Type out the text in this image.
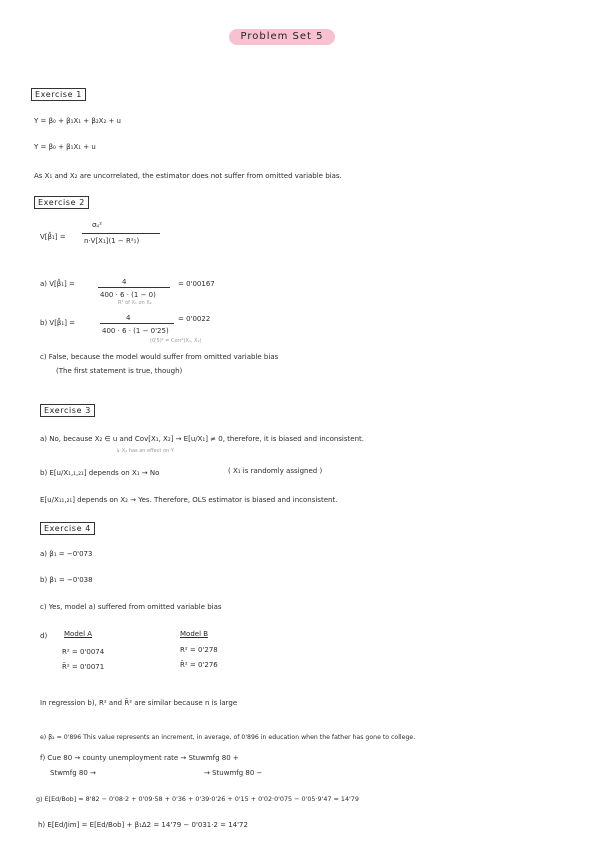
Problem Set 5
Exercise 1
Y = β₀ + β₁X₁ + β₂X₂ + u
Y = β₀ + β₁X₁ + u
As X₁ and X₂ are uncorrelated, the estimator does not suffer from omitted variable bias.
Exercise 2
V[β̂₁] =
σᵤ²
n·V[X₁](1 − R²₁)
a) V[β̂₁] =	4
400 · 6 · (1 − 0)
= 0'00167
R² of X₁ on X₂
b) V[β̂₁] =
4
400 · 6 · (1 − 0'25)
= 0'0022
(0'5)² = Corr²(X₁, X₂)
c) False, because the model would suffer from omitted variable bias
(The first statement is true, though)
Exercise 3
a) No, because X₂ ∈ u and Cov[X₁, X₂] → E[u/X₁] ≠ 0, therefore, it is biased and inconsistent.
↳ X₂ has an effect on Y
b) E[u/X₁,₁,₂₁] depends on X₁ → No	( X₁ is randomly assigned )
E[u/X₁₁,₂₁] depends on X₂ → Yes. Therefore, OLS estimator is biased and inconsistent.
Exercise 4
a) β₁ = −0'073
b) β₁ = −0'038
c) Yes, model a) suffered from omitted variable bias
d) Model A	Model B
R² = 0'0074	R² = 0'278
R̄² = 0'0071	R̄² = 0'276
In regression b), R² and R̄² are similar because n is large
e) β₂ = 0'896 This value represents an increment, in average, of 0'896 in education when the father has gone to college.
f) Cue 80 → county unemployment rate → Stuwmfg 80 +
Stwmfg 80 →	→ Stuwmfg 80 −
g) E[Ed/Bob] = 8'82 − 0'08·2 + 0'09·58 + 0'36 + 0'39·0'26 + 0'15 + 0'02·0'075 − 0'05·9'47 = 14'79
h) E[Ed/Jim] = E[Ed/Bob] + β₁Δ2 = 14'79 − 0'031·2 = 14'72
